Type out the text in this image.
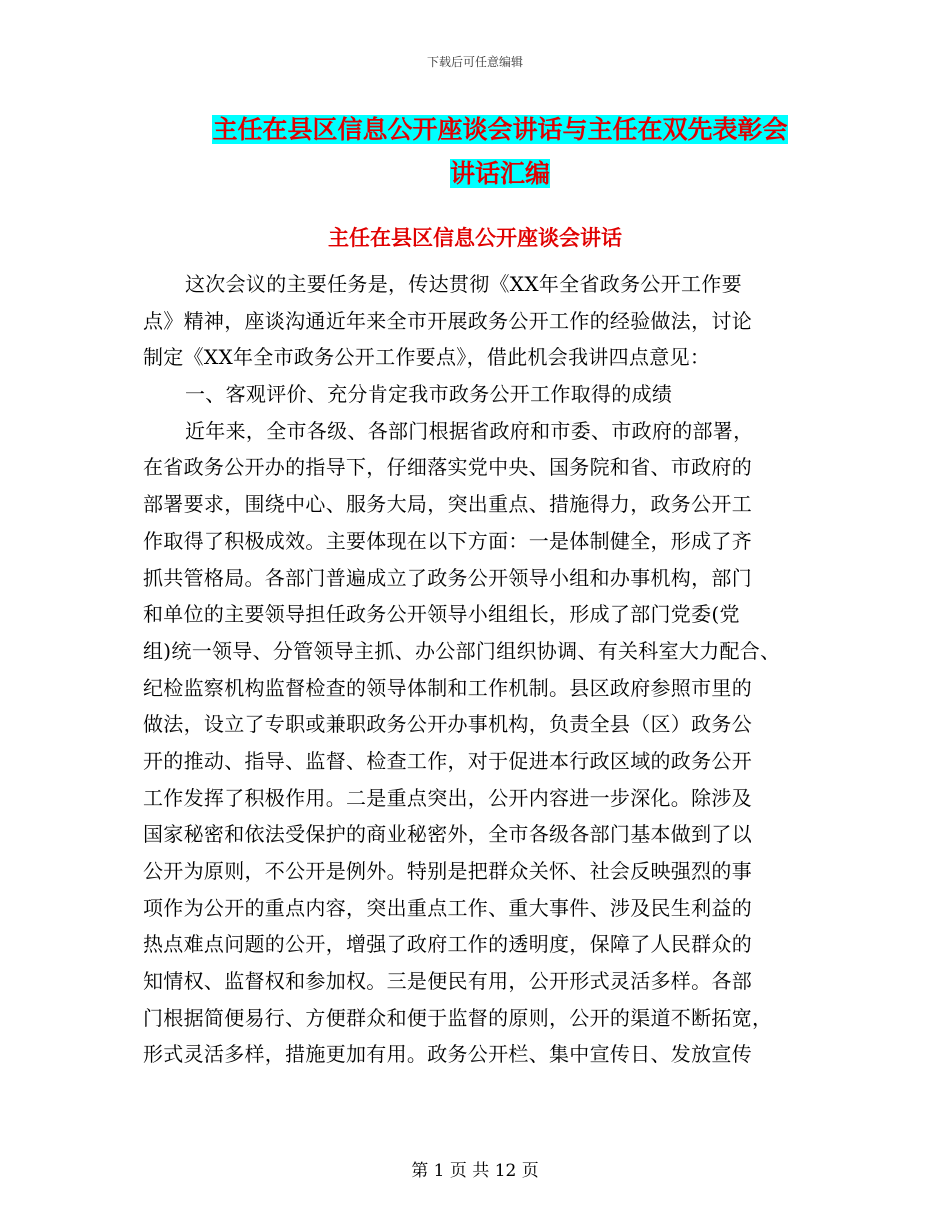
下载后可任意编辑
主任在县区信息公开座谈会讲话与主任在双先表彰会
讲话汇编
主任在县区信息公开座谈会讲话
这次会议的主要任务是，传达贯彻《XX年全省政务公开工作要
点》精神，座谈沟通近年来全市开展政务公开工作的经验做法，讨论
制定《XX年全市政务公开工作要点》，借此机会我讲四点意见：
一、客观评价、充分肯定我市政务公开工作取得的成绩
近年来，全市各级、各部门根据省政府和市委、市政府的部署，
在省政务公开办的指导下，仔细落实党中央、国务院和省、市政府的
部署要求，围绕中心、服务大局，突出重点、措施得力，政务公开工
作取得了积极成效。主要体现在以下方面：一是体制健全，形成了齐
抓共管格局。各部门普遍成立了政务公开领导小组和办事机构，部门
和单位的主要领导担任政务公开领导小组组长，形成了部门党委(党
组)统一领导、分管领导主抓、办公部门组织协调、有关科室大力配合、
纪检监察机构监督检查的领导体制和工作机制。县区政府参照市里的
做法，设立了专职或兼职政务公开办事机构，负责全县（区）政务公
开的推动、指导、监督、检查工作，对于促进本行政区域的政务公开
工作发挥了积极作用。二是重点突出，公开内容进一步深化。除涉及
国家秘密和依法受保护的商业秘密外，全市各级各部门基本做到了以
公开为原则，不公开是例外。特别是把群众关怀、社会反映强烈的事
项作为公开的重点内容，突出重点工作、重大事件、涉及民生利益的
热点难点问题的公开，增强了政府工作的透明度，保障了人民群众的
知情权、监督权和参加权。三是便民有用，公开形式灵活多样。各部
门根据简便易行、方便群众和便于监督的原则，公开的渠道不断拓宽，
形式灵活多样，措施更加有用。政务公开栏、集中宣传日、发放宣传
第 1 页 共 12 页
